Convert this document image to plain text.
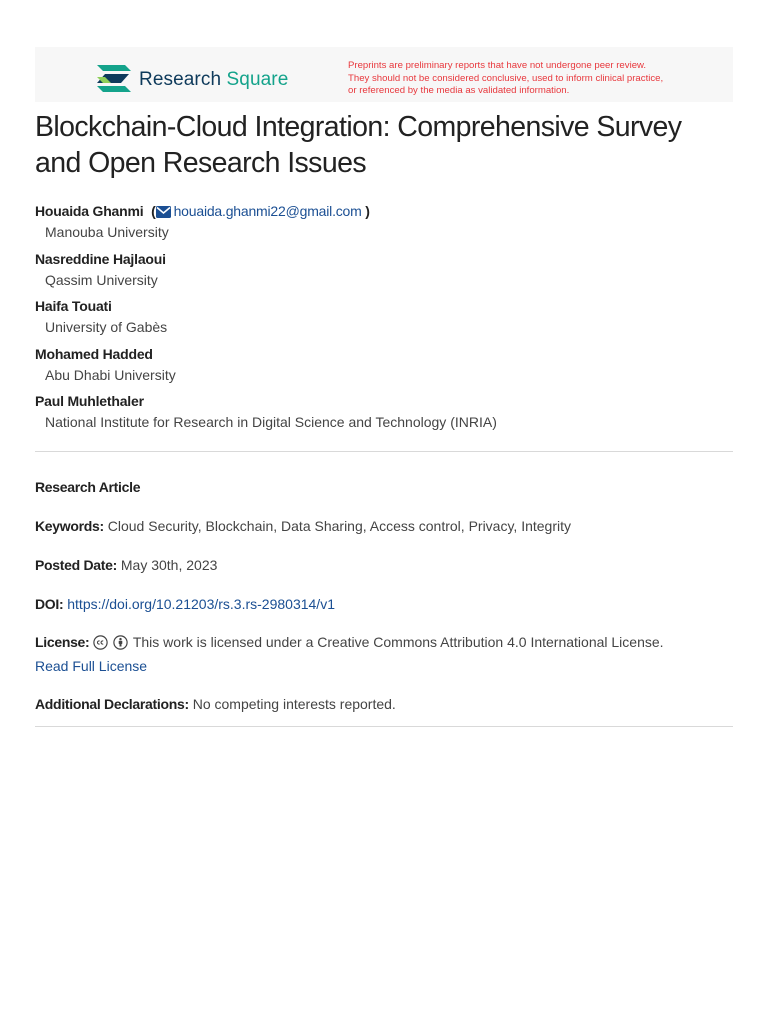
Research Square
Preprints are preliminary reports that have not undergone peer review.
They should not be considered conclusive, used to inform clinical practice,
or referenced by the media as validated information.
Blockchain-Cloud Integration: Comprehensive Survey and Open Research Issues
Houaida Ghanmi ( houaida.ghanmi22@gmail.com )
Manouba University
Nasreddine Hajlaoui
Qassim University
Haifa Touati
University of Gabès
Mohamed Hadded
Abu Dhabi University
Paul Muhlethaler
National Institute for Research in Digital Science and Technology (INRIA)
Research Article
Keywords: Cloud Security, Blockchain, Data Sharing, Access control, Privacy, Integrity
Posted Date: May 30th, 2023
DOI: https://doi.org/10.21203/rs.3.rs-2980314/v1
License:	This work is licensed under a Creative Commons Attribution 4.0 International License.
Read Full License
Additional Declarations: No competing interests reported.
